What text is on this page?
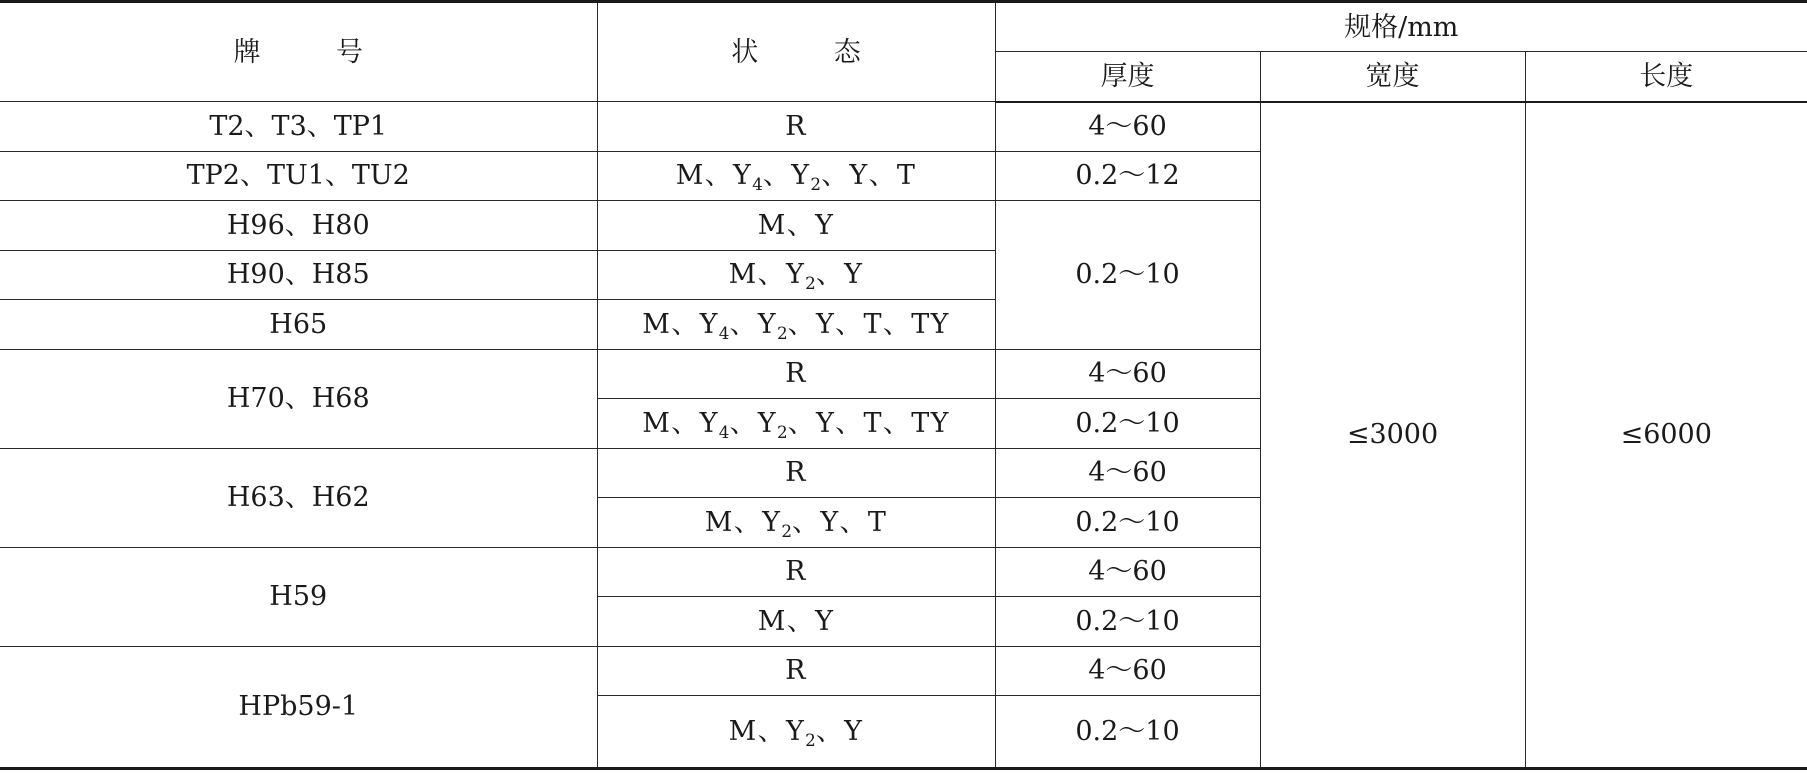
牌　号	状　态	规格/mm		
		厚度	宽度	长度
T2、T3、TP1	R	4～60	≤3000	≤6000
TP2、TU1、TU2	M、$Y_4$、$Y_2$、Y、T	0.2～12		
H96、H80	M、Y	0.2～10		
H90、H85	M、$Y_2$、Y			
H65	M、$Y_4$、$Y_2$、Y、T、TY			
H70、H68	R	4～60		
	M、$Y_4$、$Y_2$、Y、T、TY	0.2～10		
H63、H62	R	4～60		
	M、$Y_2$、Y、T	0.2～10		
H59	R	4～60		
	M、Y	0.2～10		
HPb59-1	R	4～60		
	M、$Y_2$、Y	0.2～10		
